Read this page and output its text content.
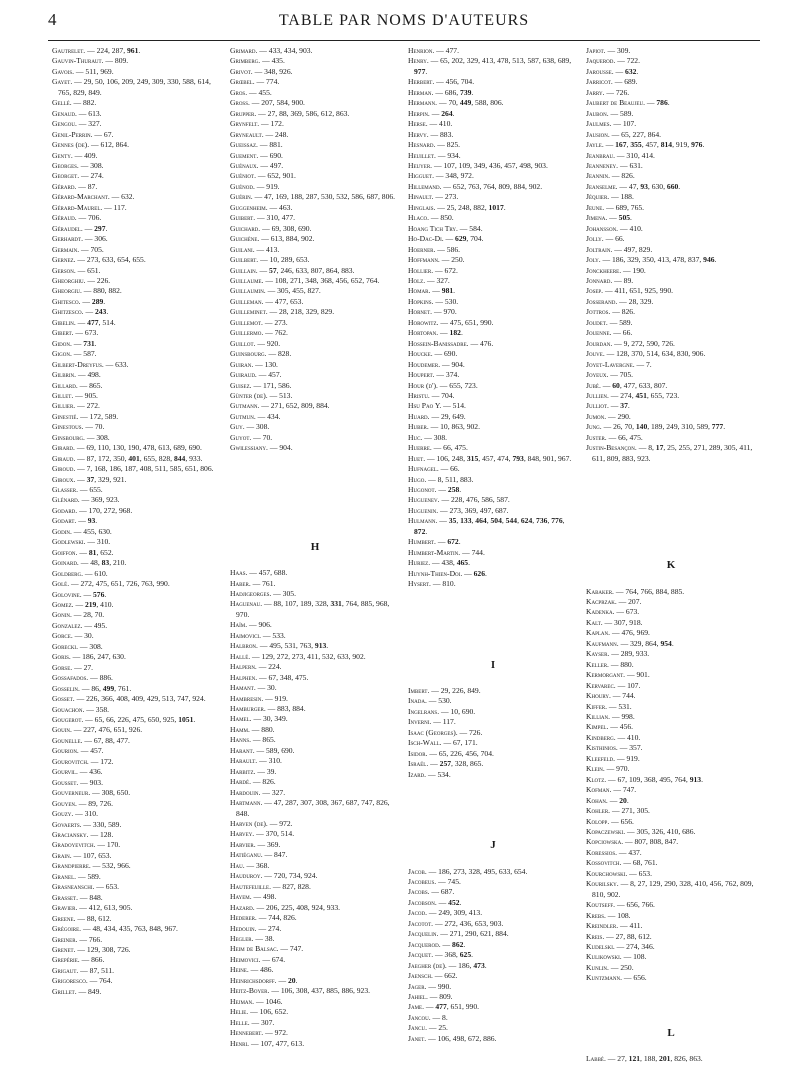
4	TABLE PAR NOMS D'AUTEURS
Gautrelet. — 224, 287, 961.
Gauvin-Thuraut. — 809.
Gavois. — 511, 969.
Gayet. — 29, 50, 106, 209, 249, 309, 330, 588, 614, 765, 829, 849.
Gellé. — 882.
Genaud. — 613.
Gengou. — 327.
Genil-Perrin. — 67.
Gennes (de). — 612, 864.
Genty. — 409.
Georges. — 308.
Georget. — 274.
Gérard. — 87.
Gérard-Marchant. — 632.
Gérard-Maurel. — 117.
Géraud. — 706.
Géraudel. — 297.
Gerhardt. — 306.
Germain. — 705.
Gernez. — 273, 633, 654, 655.
Gerson. — 651.
Gheorghiu. — 226.
Gheorgiu. — 880, 882.
Ghitesco. — 289.
Ghitzesco. — 243.
Gibelin. — 477, 514.
Gibert. — 673.
Gidon. — 731.
Gigon. — 587.
Gilbert-Dreyfus. — 633.
Gilbrin. — 498.
Gillard. — 865.
Gillet. — 905.
Gillier. — 272.
Ginestié. — 172, 589.
Ginestous. — 70.
Ginsbourg. — 308.
Girard. — 69, 110, 130, 190, 478, 613, 689, 690.
Giraud. — 87, 172, 350, 401, 655, 828, 844, 933.
Giroud. — 7, 168, 186, 187, 408, 511, 585, 651, 806.
Giroux. — 37, 329, 921.
Glasser. — 655.
Glénard. — 369, 923.
Godard. — 170, 272, 968.
Godart. — 93.
Godin. — 455, 630.
Godlewski. — 310.
Goiffon. — 81, 652.
Goinard. — 48, 83, 210.
Goldberg. — 610.
Golé. — 272, 475, 651, 726, 763, 990.
Golovine. — 576.
Gomez. — 219, 410.
Gonin. — 28, 70.
Gonzalez. — 495.
Gorce. — 30.
Gorecki. — 308.
Goris. — 186, 247, 630.
Gorse. — 27.
Gossafados. — 886.
Gosselin. — 86, 499, 761.
Gosset. — 226, 366, 408, 409, 429, 513, 747, 924.
Gouachon. — 358.
Gougerot. — 65, 66, 226, 475, 650, 925, 1051.
Gouin. — 227, 476, 651, 926.
Gounelle. — 67, 88, 477.
Gourion. — 457.
Gourovitch. — 172.
Gourvil. — 436.
Gousset. — 903.
Gouverneur. — 308, 650.
Gouyen. — 89, 726.
Gouzy. — 310.
Govaerts. — 330, 589.
Graciansky. — 128.
Gradoyevitch. — 170.
Grain. — 107, 653.
Grandpierre. — 532, 966.
Granel. — 589.
Grasneanschi. — 653.
Grasset. — 848.
Gravier. — 412, 613, 905.
Greene. — 88, 612.
Grégoire. — 48, 434, 435, 763, 848, 967.
Greiner. — 766.
Grenet. — 129, 308, 726.
Grepérie. — 866.
Grigaut. — 87, 511.
Grigoresco. — 764.
Grillet. — 849.
Grimard. — 433, 434, 903.
Grimberg. — 435.
Grivot. — 348, 926.
Grœbel. — 774.
Gros. — 455.
Gross. — 207, 584, 900.
Grupper. — 27, 88, 369, 586, 612, 863.
Grynfelt. — 172.
Gryneault. — 248.
Gueissaz. — 881.
Guement. — 690.
Guénaux. — 497.
Guéniot. — 652, 901.
Guénod. — 919.
Guérin. — 47, 169, 188, 287, 530, 532, 586, 687, 806.
Guggenheim. — 463.
Guibert. — 310, 477.
Guichard. — 69, 308, 690.
Guichène. — 613, 884, 902.
Guilani. — 413.
Guilbert. — 10, 289, 653.
Guillain. — 57, 246, 633, 807, 864, 883.
Guillaume. — 108, 271, 348, 368, 456, 652, 764.
Guillaumin. — 305, 455, 827.
Guilleman. — 477, 653.
Guilleminet. — 28, 218, 329, 829.
Guillemot. — 273.
Guillermo. — 762.
Guillot. — 920.
Guinsbourg. — 828.
Guiran. — 130.
Guiraud. — 457.
Guisez. — 171, 586.
Günter (de). — 513.
Gutmann. — 271, 652, 809, 884.
Gutmun. — 434.
Guy. — 308.
Guyot. — 70.
Gwilessiany. — 904.
H
Haas. — 457, 688.
Haber. — 761.
Hadjigeorges. — 305.
Haguenau. — 88, 107, 189, 328, 331, 764, 885, 968, 970.
Haïm. — 906.
Haimovici. — 533.
Halbron. — 495, 531, 763, 913.
Hallé. — 129, 272, 273, 411, 532, 633, 902.
Halpern. — 224.
Halphen. — 67, 348, 475.
Hamant. — 30.
Hambresin. — 919.
Hamburger. — 883, 884.
Hamel. — 30, 349.
Hamm. — 880.
Hanns. — 865.
Harant. — 589, 690.
Harault. — 310.
Harbitz. — 39.
Hardé. — 826.
Hardouin. — 327.
Hartmann. — 47, 287, 307, 308, 367, 687, 747, 826, 848.
Harven (de). — 972.
Harvey. — 370, 514.
Harvier. — 369.
Hatiéganu. — 847.
Hau. — 368.
Hauduroy. — 720, 734, 924.
Hautefeuille. — 827, 828.
Hayem. — 498.
Hazard. — 206, 225, 408, 924, 933.
Hederer. — 744, 826.
Hedouin. — 274.
Hegler. — 38.
Heim de Balsac. — 747.
Heimovici. — 674.
Heine. — 486.
Heinrichsdorff. — 20.
Heitz-Boyer. — 106, 308, 437, 885, 886, 923.
Hejman. — 1046.
Helie. — 106, 652.
Helle. — 307.
Hennebert. — 972.
Henri. — 107, 477, 613.
Henrion. — 477.
Henry. — 65, 202, 329, 413, 478, 513, 587, 638, 689, 977.
Herbert. — 456, 704.
Herman. — 686, 739.
Hermann. — 70, 449, 588, 806.
Herpin. — 264.
Herse. — 410.
Hervy. — 883.
Hesnard. — 825.
Heuillet. — 934.
Heuyer. — 107, 109, 349, 436, 457, 498, 903.
Higguet. — 348, 972.
Hillemand. — 652, 763, 764, 809, 884, 902.
Hinault. — 273.
Hinglais. — 25, 248, 882, 1017.
Hlaco. — 850.
Hoang Tich Try. — 584.
Ho-Dac-Di. — 629, 704.
Hoerner. — 586.
Hoffmann. — 250.
Hollier. — 672.
Holz. — 327.
Homar. — 981.
Hopkins. — 530.
Hornet. — 970.
Horowitz. — 475, 651, 990.
Hortopan. — 182.
Hossein-Banissadre. — 476.
Houcke. — 690.
Houdemer. — 904.
Houpert. — 374.
Hour (d'). — 655, 723.
Hristu. — 704.
Hsu Pao Y. — 514.
Huard. — 29, 649.
Huber. — 10, 863, 902.
Huc. — 308.
Huerre. — 66, 475.
Huet. — 106, 248, 315, 457, 474, 793, 848, 901, 967.
Hufnagel. — 66.
Hugo. — 8, 511, 883.
Hugonot. — 258.
Huguenev. — 228, 476, 586, 587.
Huguenin. — 273, 369, 497, 687.
Hulmann. — 35, 133, 464, 504, 544, 624, 736, 776, 872.
Humbert. — 672.
Humbert-Martin. — 744.
Huriez. — 438, 465.
Huynh-Thien-Doi. — 626.
Hysert. — 810.
I
Imbert. — 29, 226, 849.
Inada. — 530.
Ingelrans. — 10, 690.
Inverni. — 117.
Isaac (Georges). — 726.
Isch-Wall. — 67, 171.
Isidor. — 65, 226, 456, 704.
Israël. — 257, 328, 865.
Izard. — 534.
J
Jacob. — 186, 273, 328, 495, 633, 654.
Jacobeus. — 745.
Jacobs. — 687.
Jacobson. — 452.
Jacod. — 249, 309, 413.
Jacotot. — 272, 436, 653, 903.
Jacquelin. — 271, 290, 621, 884.
Jacquerod. — 862.
Jacquet. — 368, 625.
Jaegher (de). — 186, 473.
Jaensch. — 662.
Jager. — 990.
Jahiel. — 809.
Jame. — 477, 651, 990.
Jancou. — 8.
Jancu. — 25.
Janet. — 106, 498, 672, 886.
Japiot. — 309.
Jaquerod. — 722.
Jarousse. — 632.
Jarricot. — 689.
Jarry. — 726.
Jaubert de Beaujeu. — 786.
Jaubon. — 589.
Jaulmes. — 107.
Jausion. — 65, 227, 864.
Jayle. — 167, 355, 457, 814, 919, 976.
Jeanbrau. — 310, 414.
Jeanneney. — 631.
Jeannin. — 826.
Jeanselme. — 47, 93, 630, 660.
Jéquier. — 188.
Jeune. — 689, 765.
Jimena. — 505.
Johansson. — 410.
Jolly. — 66.
Joltrain. — 497, 829.
Joly. — 186, 329, 350, 413, 478, 837, 946.
Jonckheere. — 190.
Jonnard. — 89.
Josep. — 411, 651, 925, 990.
Josserand. — 28, 329.
Jottros. — 826.
Joudet. — 589.
Jouenne. — 66.
Jourdan. — 9, 272, 590, 726.
Jouve. — 128, 370, 514, 634, 830, 906.
Joyet-Lavergne. — 7.
Joyeux. — 705.
Jubé. — 60, 477, 633, 807.
Jullien. — 274, 451, 655, 723.
Julliot. — 37.
Jumon. — 290.
Jung. — 26, 70, 140, 189, 249, 310, 589, 777.
Juster. — 66, 475.
Justin-Besançon. — 8, 17, 25, 255, 271, 289, 305, 411, 611, 809, 883, 923.
K
Kabaker. — 764, 766, 884, 885.
Kacprzak. — 207.
Kadenka. — 673.
Kalt. — 307, 918.
Kaplan. — 476, 969.
Kaufmann. — 329, 864, 954.
Kayser. — 289, 933.
Keller. — 880.
Kermorgant. — 901.
Kervarec. — 107.
Khoury. — 744.
Kiffer. — 531.
Killian. — 998.
Kimpel. — 456.
Kindberg. — 410.
Kisthinios. — 357.
Kleefeld. — 919.
Klein. — 970.
Klotz. — 67, 109, 368, 495, 764, 913.
Kofman. — 747.
Kohan. — 20.
Kohler. — 271, 305.
Kolopp. — 656.
Kopaczewski. — 305, 326, 410, 686.
Kopciowska. — 807, 808, 847.
Koressios. — 437.
Kossovitch. — 68, 761.
Kourchowski. — 653.
Kourilsky. — 8, 27, 129, 290, 328, 410, 456, 762, 809, 810, 902.
Koutseff. — 656, 766.
Krebs. — 108.
Kreindler. — 411.
Kreis. — 27, 88, 612.
Kudelski. — 274, 346.
Kulikowski. — 108.
Kunlin. — 250.
Kuntzmann. — 656.
L
Labbé. — 27, 121, 188, 201, 826, 863.
